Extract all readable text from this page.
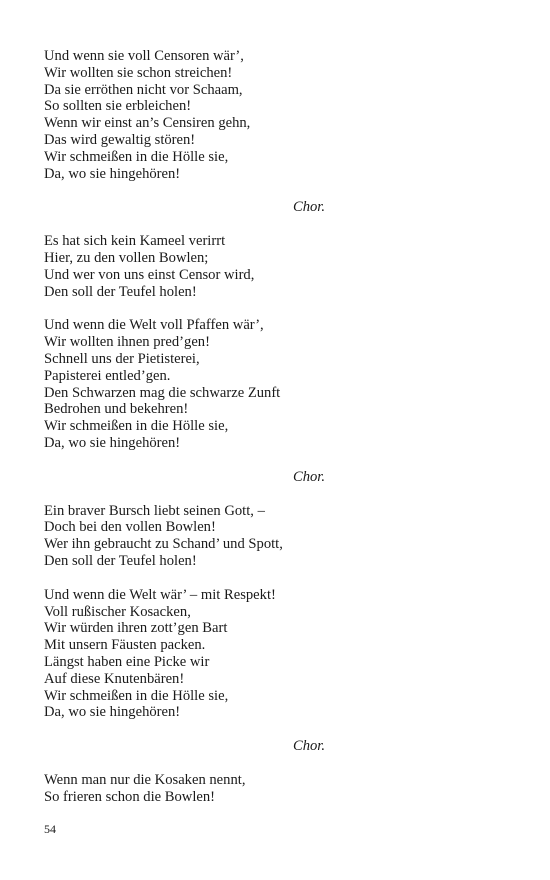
Und wenn sie voll Censoren wär’,
Wir wollten sie schon streichen!
Da sie erröthen nicht vor Schaam,
So sollten sie erbleichen!
Wenn wir einst an’s Censiren gehn,
Das wird gewaltig stören!
Wir schmeißen in die Hölle sie,
Da, wo sie hingehören!
Chor.
Es hat sich kein Kameel verirrt
Hier, zu den vollen Bowlen;
Und wer von uns einst Censor wird,
Den soll der Teufel holen!
Und wenn die Welt voll Pfaffen wär’,
Wir wollten ihnen pred’gen!
Schnell uns der Pietisterei,
Papisterei entled’gen.
Den Schwarzen mag die schwarze Zunft
Bedrohen und bekehren!
Wir schmeißen in die Hölle sie,
Da, wo sie hingehören!
Chor.
Ein braver Bursch liebt seinen Gott, –
Doch bei den vollen Bowlen!
Wer ihn gebraucht zu Schand’ und Spott,
Den soll der Teufel holen!
Und wenn die Welt wär’ – mit Respekt!
Voll rußischer Kosacken,
Wir würden ihren zott’gen Bart
Mit unsern Fäusten packen.
Längst haben eine Picke wir
Auf diese Knutenbären!
Wir schmeißen in die Hölle sie,
Da, wo sie hingehören!
Chor.
Wenn man nur die Kosaken nennt,
So frieren schon die Bowlen!
54
